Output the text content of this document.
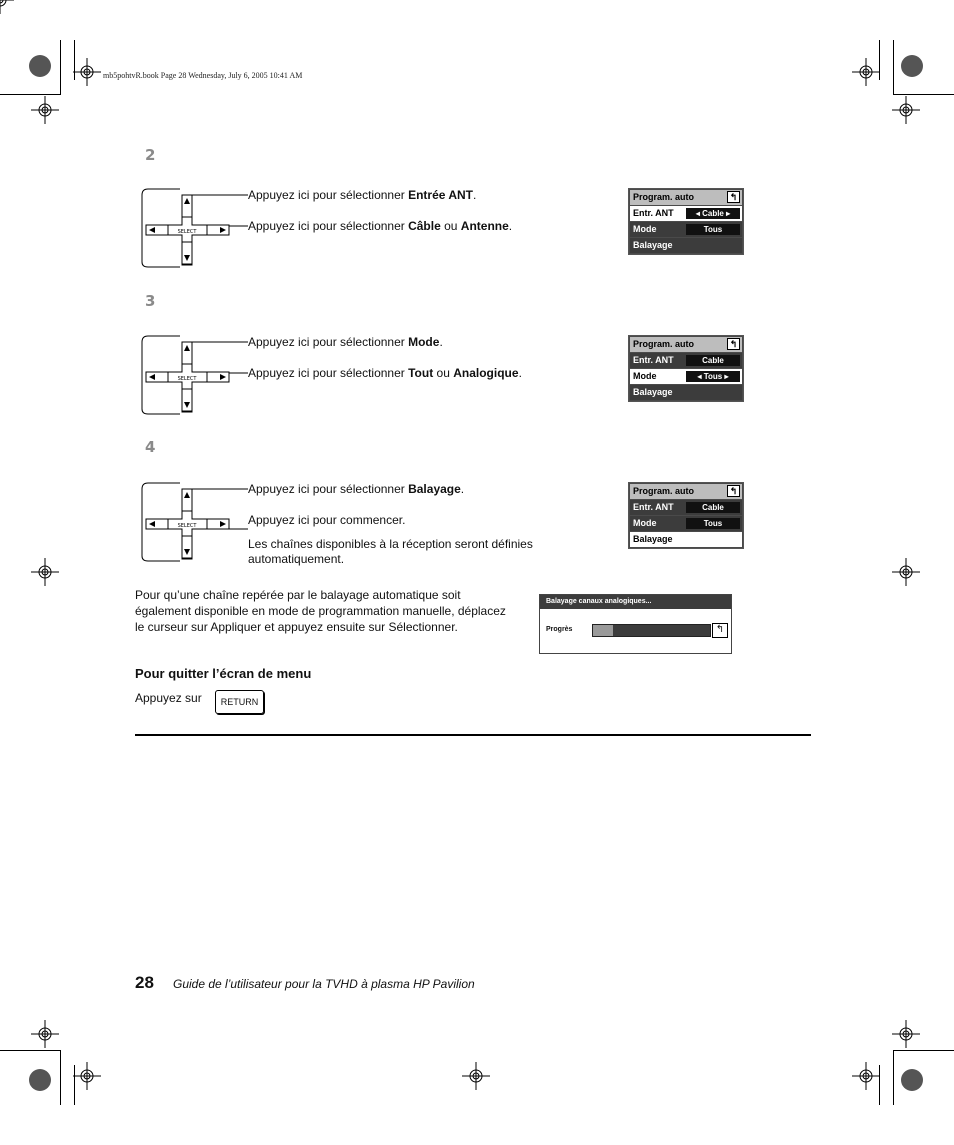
mb5pohtvR.book Page 28 Wednesday, July 6, 2005 10:41 AM
2
SELECT
Appuyez ici pour sélectionner Entrée ANT.
Appuyez ici pour sélectionner Câble ou Antenne.
Program. auto	↰
Entr. ANT	◂ Cable ▸
Mode	Tous
Balayage
3
SELECT
Appuyez ici pour sélectionner Mode.
Appuyez ici pour sélectionner Tout ou Analogique.
Program. auto	↰
Entr. ANT	Cable
Mode	◂ Tous ▸
Balayage
4
SELECT
Appuyez ici pour sélectionner Balayage.
Appuyez ici pour commencer.
Les chaînes disponibles à la réception seront définies automatiquement.
Program. auto	↰
Entr. ANT	Cable
Mode	Tous
Balayage
Pour qu’une chaîne repérée par le balayage automatique soit également disponible en mode de programmation manuelle, déplacez le curseur sur Appliquer et appuyez ensuite sur Sélectionner.
Balayage canaux analogiques...
Progrès	↰
Pour quitter l’écran de menu
Appuyez sur	RETURN
28 Guide de l’utilisateur pour la TVHD à plasma HP Pavilion
